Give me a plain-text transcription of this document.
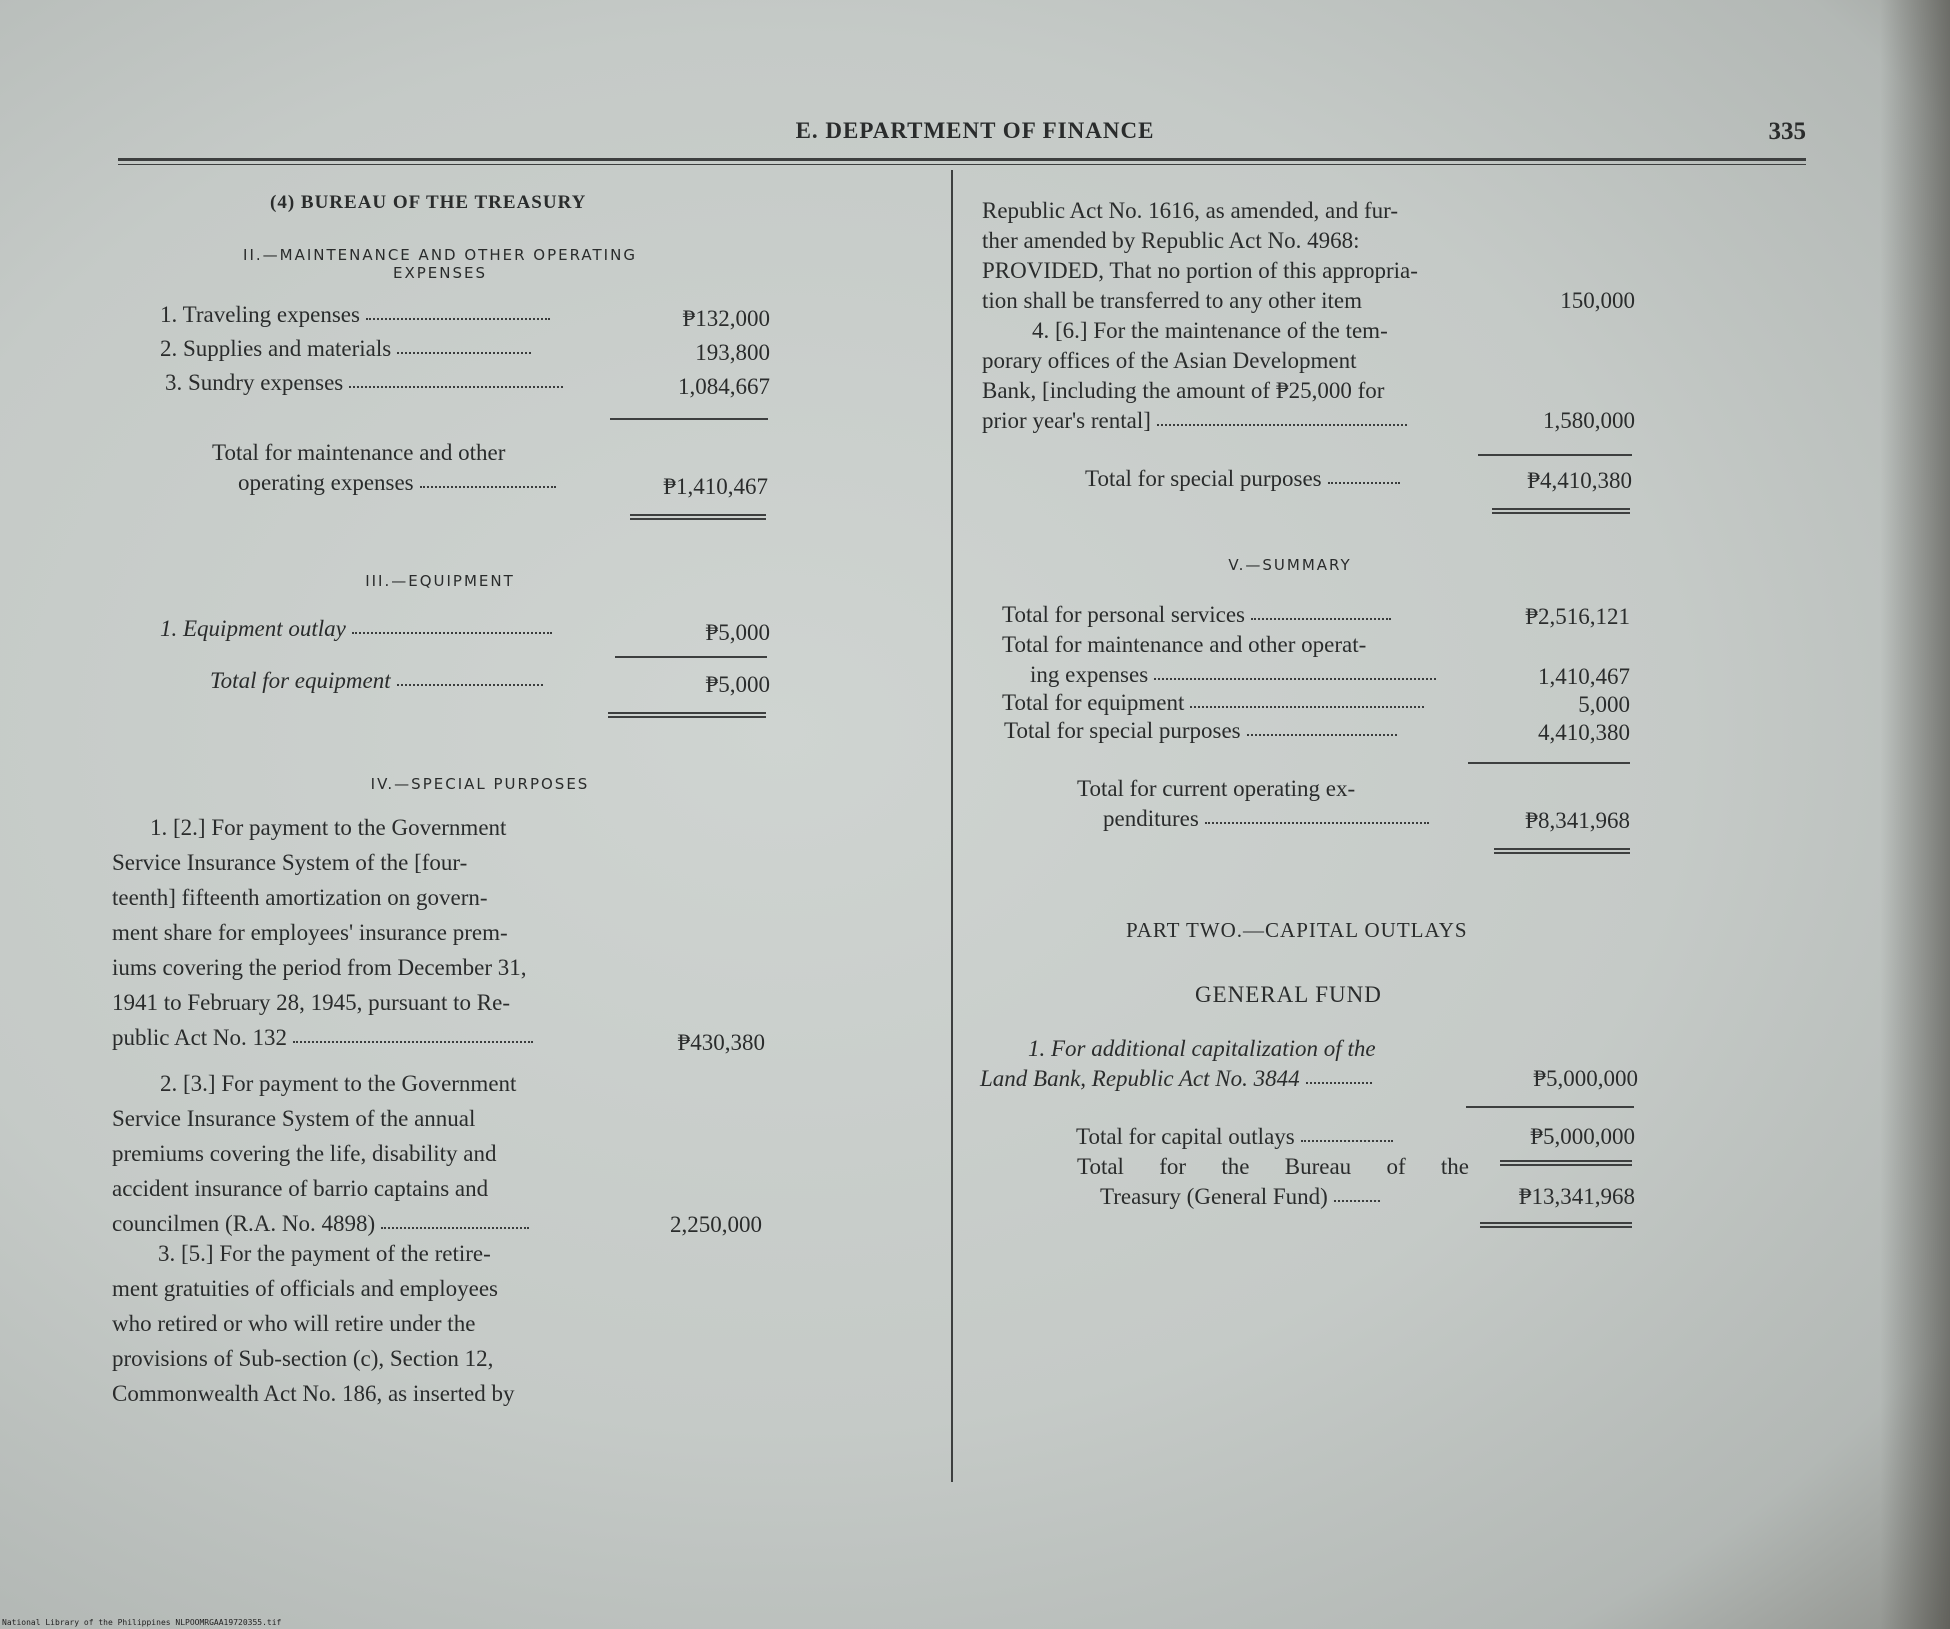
E. DEPARTMENT OF FINANCE	335
(4) BUREAU OF THE TREASURY
II.—MAINTENANCE AND OTHER OPERATING
EXPENSES
1. Traveling expenses	₱132,000
2. Supplies and materials	193,800
3. Sundry expenses	1,084,667
Total for maintenance and other
operating expenses	₱1,410,467
III.—EQUIPMENT
1. Equipment outlay	₱5,000
Total for equipment	₱5,000
IV.—SPECIAL PURPOSES
1. [2.] For payment to the Government
Service Insurance System of the [four-
teenth] fifteenth amortization on govern-
ment share for employees' insurance prem-
iums covering the period from December 31,
1941 to February 28, 1945, pursuant to Re-
public Act No. 132	₱430,380
2. [3.] For payment to the Government
Service Insurance System of the annual
premiums covering the life, disability and
accident insurance of barrio captains and
councilmen (R.A. No. 4898)	2,250,000
3. [5.] For the payment of the retire-
ment gratuities of officials and employees
who retired or who will retire under the
provisions of Sub-section (c), Section 12,
Commonwealth Act No. 186, as inserted by
Republic Act No. 1616, as amended, and fur-
ther amended by Republic Act No. 4968:
PROVIDED, That no portion of this appropria-
tion shall be transferred to any other item	150,000
4. [6.] For the maintenance of the tem-
porary offices of the Asian Development
Bank, [including the amount of ₱25,000 for
prior year's rental]	1,580,000
Total for special purposes	₱4,410,380
V.—SUMMARY
Total for personal services	₱2,516,121
Total for maintenance and other operat-
ing expenses	1,410,467
Total for equipment	5,000
Total for special purposes	4,410,380
Total for current operating ex-
penditures	₱8,341,968
PART TWO.—CAPITAL OUTLAYS
GENERAL FUND
1. For additional capitalization of the
Land Bank, Republic Act No. 3844	₱5,000,000
Total for capital outlays	₱5,000,000
Total for the Bureau of the
Treasury (General Fund)	₱13,341,968
National Library of the Philippines NLPOOMRGAA19720355.tif
